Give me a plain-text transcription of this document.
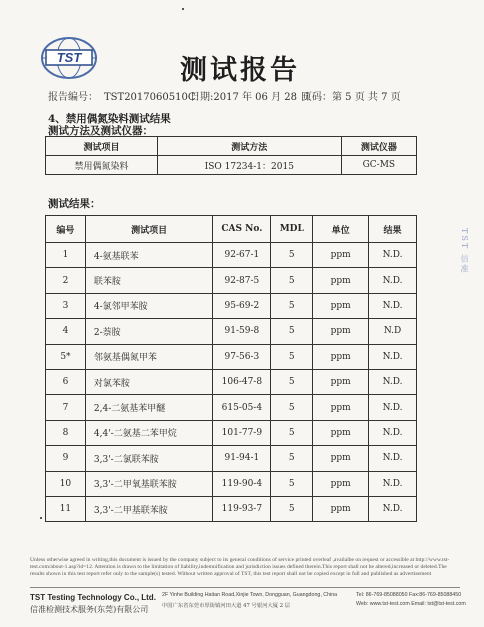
TST	测试报告
报告编号： TST2017060510C
日期:2017 年 06 月 28 日
页码：第 5 页 共 7 页
4、禁用偶氮染料测试结果
测试方法及测试仪器：
测试项目	测试方法	测试仪器
禁用偶氮染料	ISO 17234-1：2015	GC-MS
测试结果：
编号	测试项目	CAS No.	MDL	单位	结果
1	4-氨基联苯	92-67-1	5	ppm	N.D.
2	联苯胺	92-87-5	5	ppm	N.D.
3	4-氯邻甲苯胺	95-69-2	5	ppm	N.D.
4	2-萘胺	91-59-8	5	ppm	N.D
5*	邻氨基偶氮甲苯	97-56-3	5	ppm	N.D.
6	对氯苯胺	106-47-8	5	ppm	N.D.
7	2,4-二氨基苯甲醚	615-05-4	5	ppm	N.D.
8	4,4'-二氨基二苯甲烷	101-77-9	5	ppm	N.D.
9	3,3'-二氯联苯胺	91-94-1	5	ppm	N.D.
10	3,3'-二甲氧基联苯胺	119-90-4	5	ppm	N.D.
11	3,3'-二甲基联苯胺	119-93-7	5	ppm	N.D.
TST 信准
Unless otherwise agreed in writing,this document is issued by the company subject to its general conditions of service printed overleaf ,availalbe on request or accessible at http://www.tst-test.com/about-1.asp?id=12. Attention is drawn to the limitation of liability,indemnification and jurisdiction issues defined therein.This report shall not be altered,increased or deleted.The results shown in this test report refer only to the sample(s) tested. Without written approval of TST, this test report shall not be copied except in full and published as advertisement
TST Testing Technology Co., Ltd.
信准检测技术服务(东莞)有限公司
2F Yinhe Building Haitan Road,Xinjie Town, Dongguan, Guangdong, China
中国广东省东莞市厚街镇河田大道 47 号银河大厦 2 层
Tel: 86-769-85088050 Fax:86-769-85088450
Web: www.tst-test.com Email: tst@tst-test.com
